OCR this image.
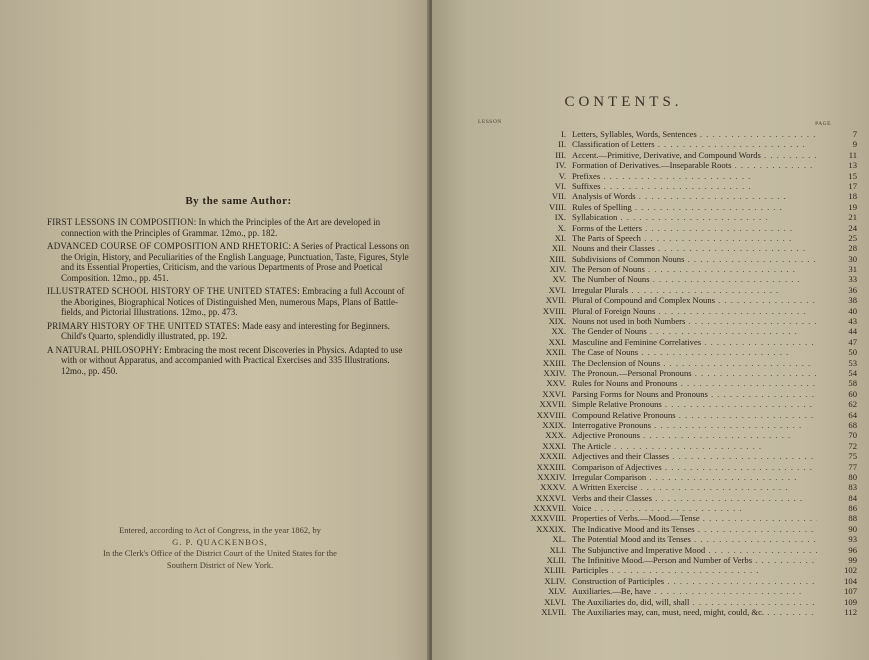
By the same Author:
FIRST LESSONS IN COMPOSITION: In which the Principles of the Art are developed in connection with the Principles of Grammar. 12mo., pp. 182.
ADVANCED COURSE OF COMPOSITION AND RHETORIC: A Series of Practical Lessons on the Origin, History, and Peculiarities of the English Language, Punctuation, Taste, Figures, Style and its Essential Properties, Criticism, and the various Departments of Prose and Poetical Composition. 12mo., pp. 451.
ILLUSTRATED SCHOOL HISTORY OF THE UNITED STATES: Embracing a full Account of the Aborigines, Biographical Notices of Distinguished Men, numerous Maps, Plans of Battle-fields, and Pictorial Illustrations. 12mo., pp. 473.
PRIMARY HISTORY OF THE UNITED STATES: Made easy and interesting for Beginners. Child's Quarto, splendidly illustrated, pp. 192.
A NATURAL PHILOSOPHY: Embracing the most recent Discoveries in Physics. Adapted to use with or without Apparatus, and accompanied with Practical Exercises and 335 Illustrations. 12mo., pp. 450.
Entered, according to Act of Congress, in the year 1862, by
G. P. QUACKENBOS,
In the Clerk's Office of the District Court of the United States for the
Southern District of New York.
CONTENTS.
LESSON	PAGE
I. Letters, Syllables, Words, Sentences . .	7
II. Classification of Letters . .	9
III. Accent.—Primitive, Derivative, and Compound Words . .	11
IV. Formation of Derivatives.—Inseparable Roots . .	13
V. Prefixes . .	15
VI. Suffixes . .	17
VII. Analysis of Words . .	18
VIII. Rules of Spelling . .	19
IX. Syllabication . .	21
X. Forms of the Letters . .	24
XI. The Parts of Speech . .	25
XII. Nouns and their Classes . .	28
XIII. Subdivisions of Common Nouns . .	30
XIV. The Person of Nouns . .	31
XV. The Number of Nouns . .	33
XVI. Irregular Plurals . .	36
XVII. Plural of Compound and Complex Nouns . .	38
XVIII. Plural of Foreign Nouns . .	40
XIX. Nouns not used in both Numbers . .	43
XX. The Gender of Nouns . .	44
XXI. Masculine and Feminine Correlatives . .	47
XXII. The Case of Nouns . .	50
XXIII. The Declension of Nouns . .	53
XXIV. The Pronoun.—Personal Pronouns . .	54
XXV. Rules for Nouns and Pronouns . .	58
XXVI. Parsing Forms for Nouns and Pronouns . .	60
XXVII. Simple Relative Pronouns . .	62
XXVIII. Compound Relative Pronouns . .	64
XXIX. Interrogative Pronouns . .	68
XXX. Adjective Pronouns . .	70
XXXI. The Article . .	72
XXXII. Adjectives and their Classes . .	75
XXXIII. Comparison of Adjectives . .	77
XXXIV. Irregular Comparison . .	80
XXXV. A Written Exercise . .	83
XXXVI. Verbs and their Classes . .	84
XXXVII. Voice . .	86
XXXVIII. Properties of Verbs.—Mood.—Tense . .	88
XXXIX. The Indicative Mood and its Tenses . .	90
XL. The Potential Mood and its Tenses . .	93
XLI. The Subjunctive and Imperative Mood . .	96
XLII. The Infinitive Mood.—Person and Number of Verbs . .	99
XLIII. Participles . .	102
XLIV. Construction of Participles . .	104
XLV. Auxiliaries.—Be, have . .	107
XLVI. The Auxiliaries do, did, will, shall . .	109
XLVII. The Auxiliaries may, can, must, need, might, could, &c. . .	112
